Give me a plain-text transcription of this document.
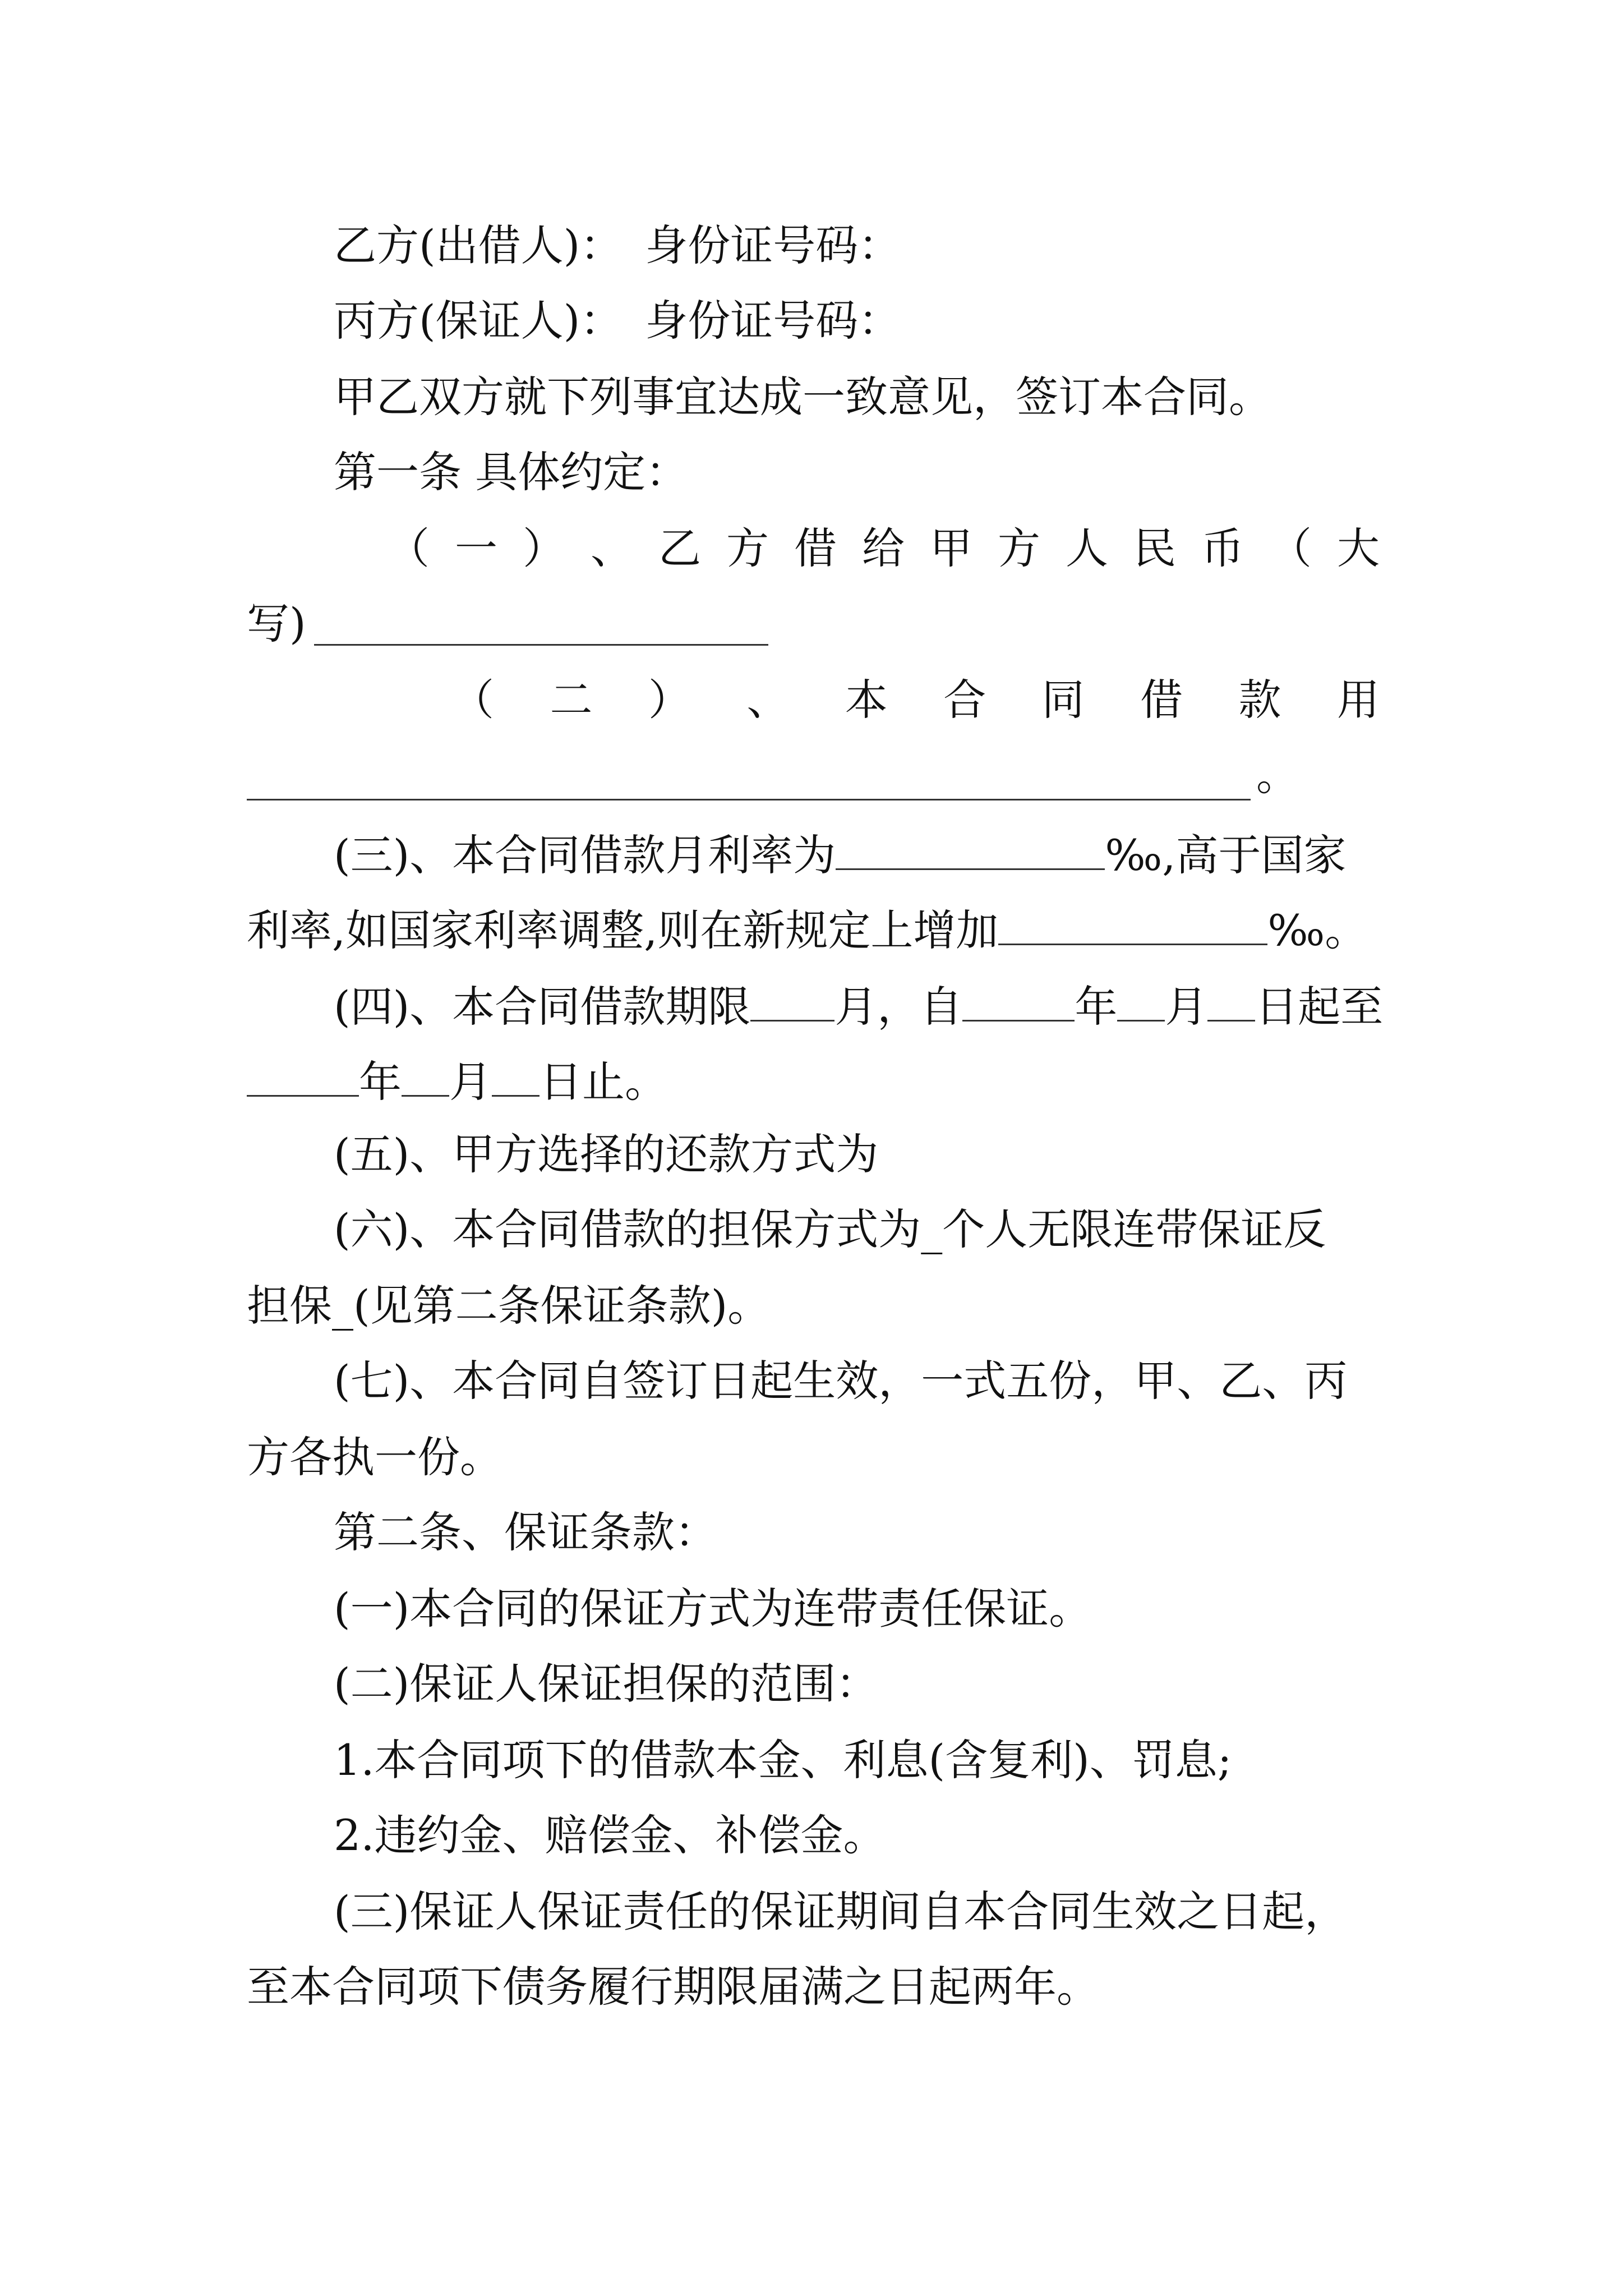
乙方(出借人)： 身份证号码：
丙方(保证人)： 身份证号码：
甲乙双方就下列事宜达成一致意见，签订本合同。
第一条 具体约定：
（ 一 ） 、 乙 方 借 给 甲 方 人 民 币 （ 大
写)
（ 二 ） 、 本 合 同 借 款 用
。
(三)、本合同借款月利率为	‰,高于国家
利率,如国家利率调整,则在新规定上增加	‰。
(四)、本合同借款期限 月，自	年 月 日起至
年 月 日止。
(五)、甲方选择的还款方式为
(六)、本合同借款的担保方式为_个人无限连带保证反
担保_(见第二条保证条款)。
(七)、本合同自签订日起生效，一式五份，甲、乙、丙
方各执一份。
第二条、保证条款：
(一)本合同的保证方式为连带责任保证。
(二)保证人保证担保的范围：
1.本合同项下的借款本金、利息(含复利)、罚息;
2.违约金、赔偿金、补偿金。
(三)保证人保证责任的保证期间自本合同生效之日起，
至本合同项下债务履行期限届满之日起两年。
